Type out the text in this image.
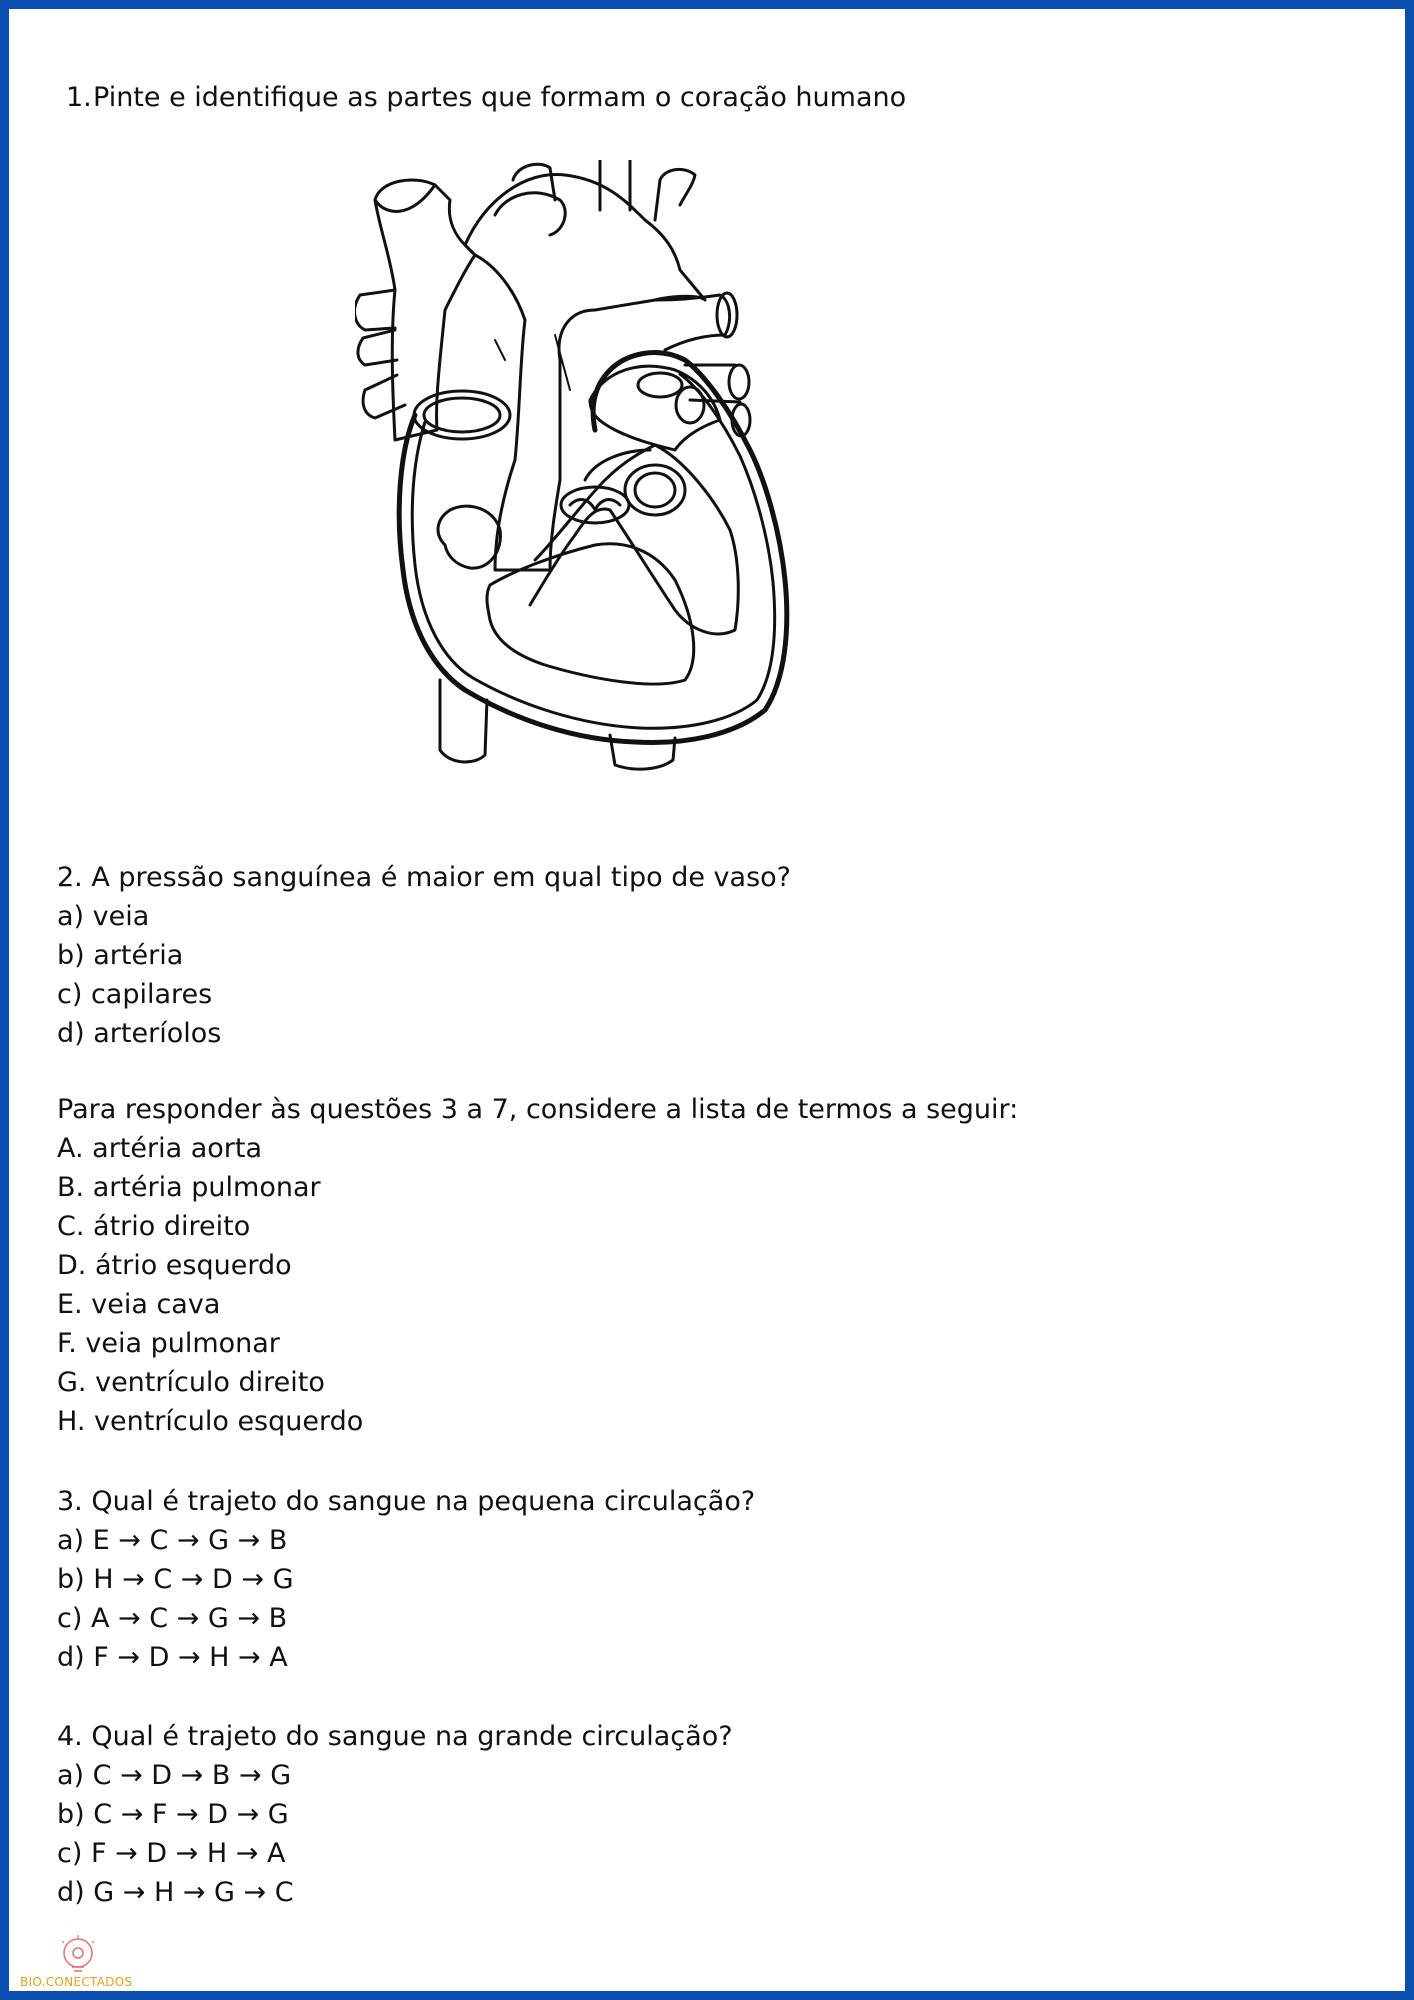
1.Pinte e identifique as partes que formam o coração humano
2. A pressão sanguínea é maior em qual tipo de vaso?
a) veia
b) artéria
c) capilares
d) arteríolos
Para responder às questões 3 a 7, considere a lista de termos a seguir:
A. artéria aorta
B. artéria pulmonar
C. átrio direito
D. átrio esquerdo
E. veia cava
F. veia pulmonar
G. ventrículo direito
H. ventrículo esquerdo
3. Qual é trajeto do sangue na pequena circulação?
a) E → C → G → B
b) H → C → D → G
c) A → C → G → B
d) F → D → H → A
4. Qual é trajeto do sangue na grande circulação?
a) C → D → B → G
b) C → F → D → G
c) F → D → H → A
d) G → H → G → C
BIO.CONECTADOS
